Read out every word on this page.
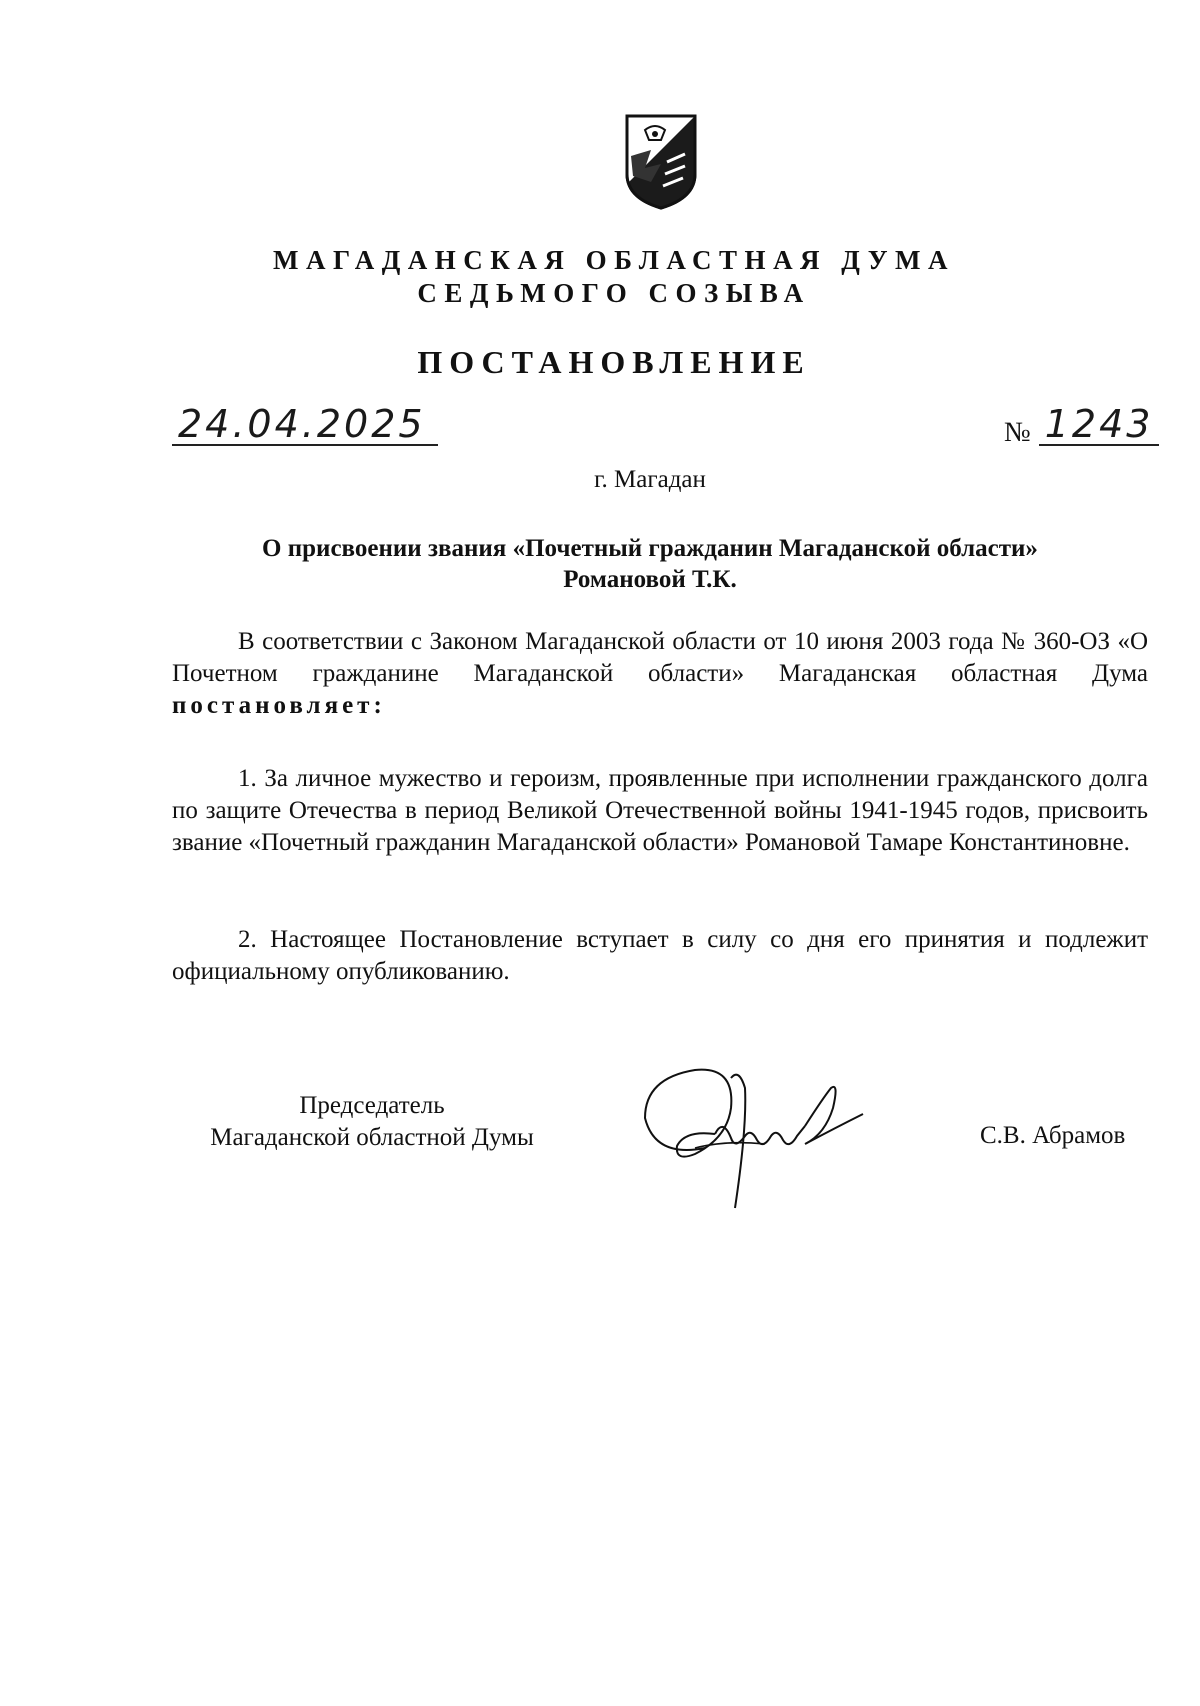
МАГАДАНСКАЯ ОБЛАСТНАЯ ДУМА
СЕДЬМОГО СОЗЫВА
ПОСТАНОВЛЕНИЕ
24.04.2025	№ 1243
г. Магадан
О присвоении звания «Почетный гражданин Магаданской области»
Романовой Т.К.
В соответствии с Законом Магаданской области от 10 июня 2003 года № 360-ОЗ «О Почетном гражданине Магаданской области» Магаданская областная Дума постановляет:
1. За личное мужество и героизм, проявленные при исполнении гражданского долга по защите Отечества в период Великой Отечественной войны 1941-1945 годов, присвоить звание «Почетный гражданин Магаданской области» Романовой Тамаре Константиновне.
2. Настоящее Постановление вступает в силу со дня его принятия и подлежит официальному опубликованию.
Председатель
Магаданской областной Думы	С.В. Абрамов
